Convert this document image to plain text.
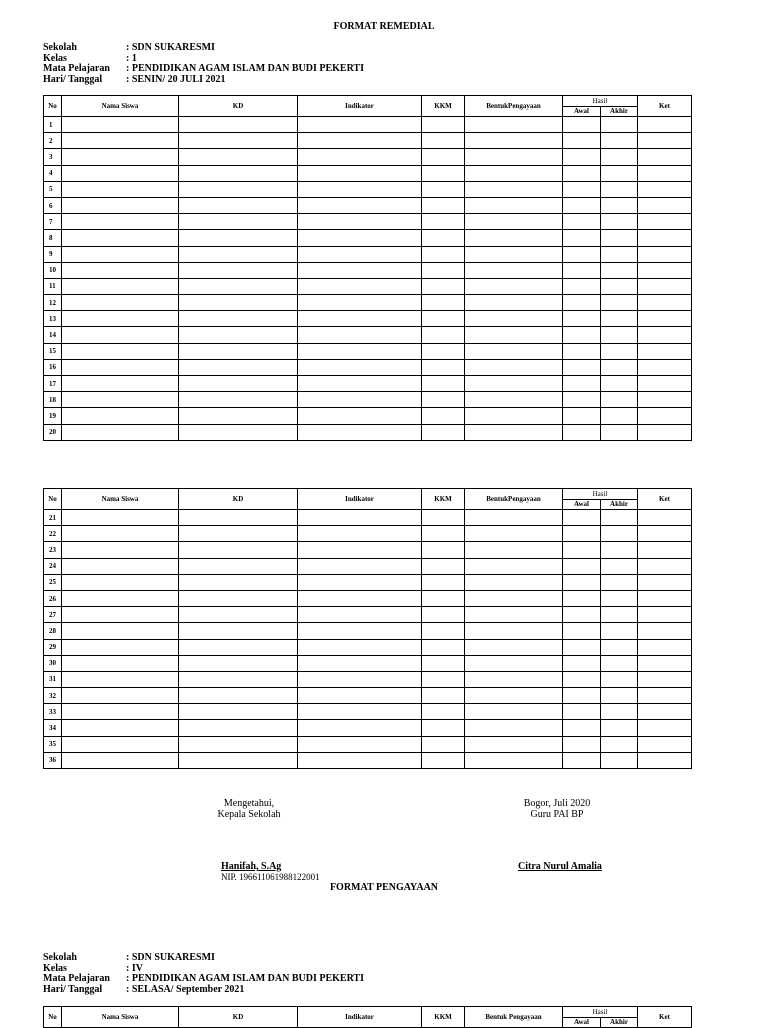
FORMAT REMEDIAL
Sekolah	: SDN SUKARESMI
Kelas	: 1
Mata Pelajaran	: PENDIDIKAN AGAM ISLAM DAN BUDI PEKERTI
Hari/ Tanggal	: SENIN/ 20 JULI 2021
No	Nama Siswa	KD	Indikator	KKM	BentukPengayaan	Hasil		Ket
						Awal	Akhir	
1								
2								
3								
4								
5								
6								
7								
8								
9								
10								
11								
12								
13								
14								
15								
16								
17								
18								
19								
20								
No	Nama Siswa	KD	Indikator	KKM	BentukPengayaan	Hasil		Ket
						Awal	Akhir	
21								
22								
23								
24								
25								
26								
27								
28								
29								
30								
31								
32								
33								
34								
35								
36								
Mengetahui,
Kepala Sekolah
Bogor, Juli 2020
Guru PAI BP
Hanifah, S.Ag
NIP. 196611061988122001
Citra Nurul Amalia
FORMAT PENGAYAAN
Sekolah	: SDN SUKARESMI
Kelas	: IV
Mata Pelajaran	: PENDIDIKAN AGAM ISLAM DAN BUDI PEKERTI
Hari/ Tanggal	: SELASA/ September 2021
No	Nama Siswa	KD	Indikator	KKM	Bentuk Pengayaan	Hasil		Ket
						Awal	Akhir	
